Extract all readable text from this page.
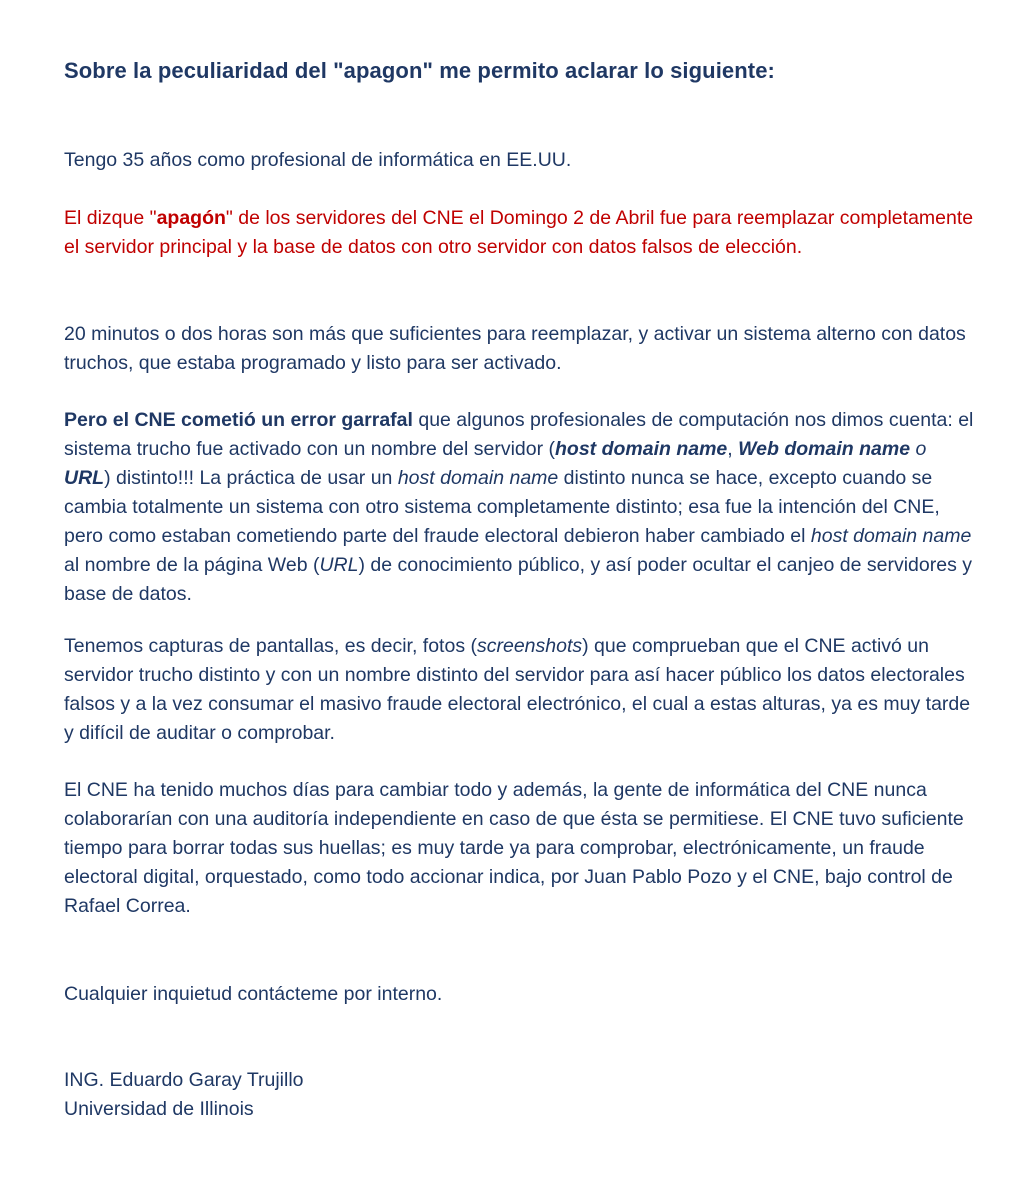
Sobre la peculiaridad del "apagon" me permito aclarar lo siguiente:

Tengo 35 años como profesional de informática en EE.UU.

El dizque "apagón" de los servidores del CNE el Domingo 2 de Abril fue para reemplazar completamente el servidor principal y la base de datos con otro servidor con datos falsos de elección.

20 minutos o dos horas son más que suficientes para reemplazar, y activar un sistema alterno con datos truchos, que estaba programado y listo para ser activado.

Pero el CNE cometió un error garrafal que algunos profesionales de computación nos dimos cuenta: el sistema trucho fue activado con un nombre del servidor (host domain name, Web domain name o URL) distinto!!! La práctica de usar un host domain name distinto nunca se hace, excepto cuando se cambia totalmente un sistema con otro sistema completamente distinto; esa fue la intención del CNE, pero como estaban cometiendo parte del fraude electoral debieron haber cambiado el host domain name al nombre de la página Web (URL) de conocimiento público, y así poder ocultar el canjeo de servidores y base de datos.

Tenemos capturas de pantallas, es decir, fotos (screenshots) que comprueban que el CNE activó un servidor trucho distinto y con un nombre distinto del servidor para así hacer público los datos electorales falsos y a la vez consumar el masivo fraude electoral electrónico, el cual a estas alturas, ya es muy tarde y difícil de auditar o comprobar.

El CNE ha tenido muchos días para cambiar todo y además, la gente de informática del CNE nunca colaborarían con una auditoría independiente en caso de que ésta se permitiese. El CNE tuvo suficiente tiempo para borrar todas sus huellas; es muy tarde ya para comprobar, electrónicamente, un fraude electoral digital, orquestado, como todo accionar indica, por Juan Pablo Pozo y el CNE, bajo control de Rafael Correa.

Cualquier inquietud contácteme por interno.

ING. Eduardo Garay Trujillo

Universidad de Illinois
